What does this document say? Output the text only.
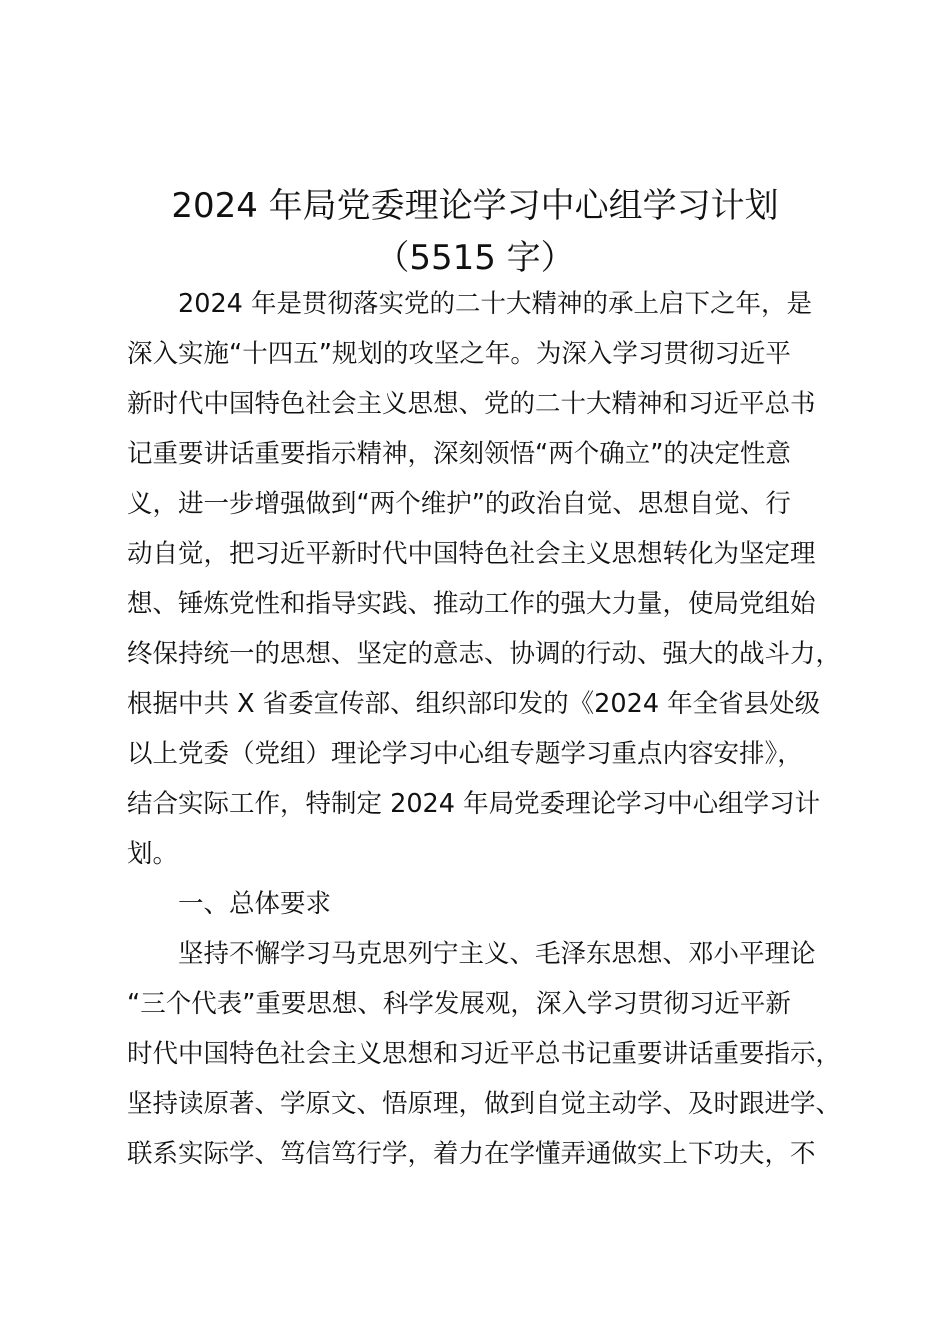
2024 年局党委理论学习中心组学习计划
（5515 字）
　　2024 年是贯彻落实党的二十大精神的承上启下之年，是
深入实施“十四五”规划的攻坚之年。为深入学习贯彻习近平
新时代中国特色社会主义思想、党的二十大精神和习近平总书
记重要讲话重要指示精神，深刻领悟“两个确立”的决定性意
义，进一步增强做到“两个维护”的政治自觉、思想自觉、行
动自觉，把习近平新时代中国特色社会主义思想转化为坚定理
想、锤炼党性和指导实践、推动工作的强大力量，使局党组始
终保持统一的思想、坚定的意志、协调的行动、强大的战斗力，
根据中共 X 省委宣传部、组织部印发的《2024 年全省县处级
以上党委（党组）理论学习中心组专题学习重点内容安排》，
结合实际工作，特制定 2024 年局党委理论学习中心组学习计
划。
　　一、总体要求
　　坚持不懈学习马克思列宁主义、毛泽东思想、邓小平理论
“三个代表”重要思想、科学发展观，深入学习贯彻习近平新
时代中国特色社会主义思想和习近平总书记重要讲话重要指示，
坚持读原著、学原文、悟原理，做到自觉主动学、及时跟进学、
联系实际学、笃信笃行学，着力在学懂弄通做实上下功夫，不
